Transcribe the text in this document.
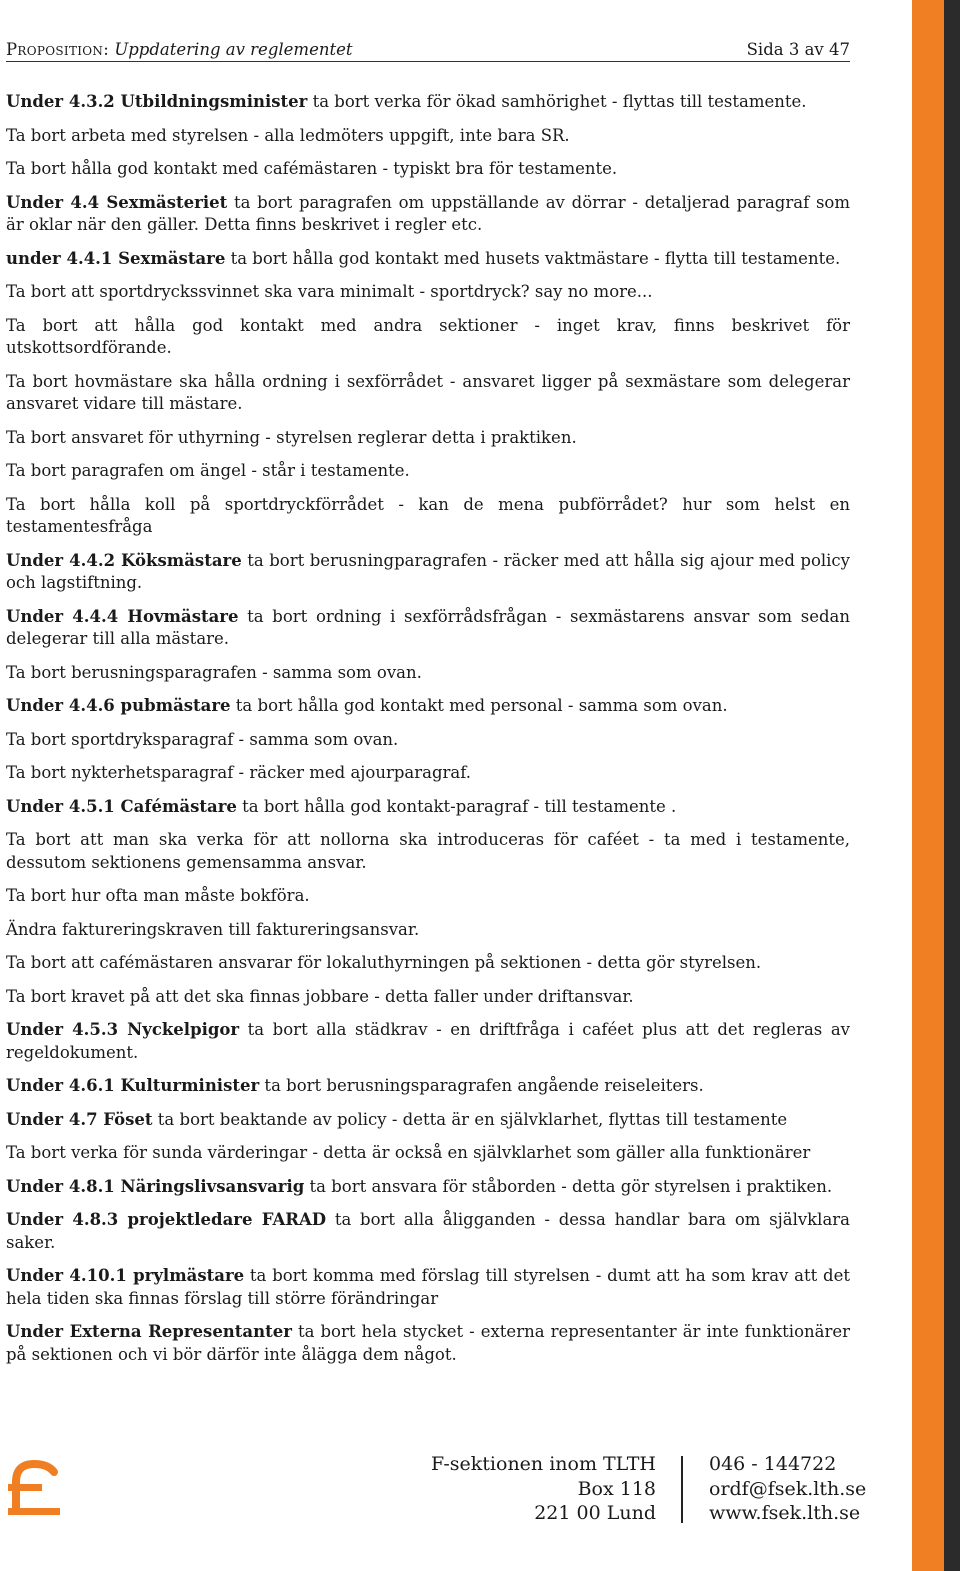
Proposition: Uppdatering av reglementet	Sida 3 av 47

Under 4.3.2 Utbildningsminister ta bort verka för ökad samhörighet - flyttas till testamente.

Ta bort arbeta med styrelsen - alla ledmöters uppgift, inte bara SR.

Ta bort hålla god kontakt med cafémästaren - typiskt bra för testamente.

Under 4.4 Sexmästeriet ta bort paragrafen om uppställande av dörrar - detaljerad paragraf som är oklar när den gäller. Detta finns beskrivet i regler etc.

under 4.4.1 Sexmästare ta bort hålla god kontakt med husets vaktmästare - flytta till testamente.

Ta bort att sportdryckssvinnet ska vara minimalt - sportdryck? say no more...

Ta bort att hålla god kontakt med andra sektioner - inget krav, finns beskrivet för utskottsordförande.

Ta bort hovmästare ska hålla ordning i sexförrådet - ansvaret ligger på sexmästare som delegerar ansvaret vidare till mästare.

Ta bort ansvaret för uthyrning - styrelsen reglerar detta i praktiken.

Ta bort paragrafen om ängel - står i testamente.

Ta bort hålla koll på sportdryckförrådet - kan de mena pubförrådet? hur som helst en testamentesfråga

Under 4.4.2 Köksmästare ta bort berusningparagrafen - räcker med att hålla sig ajour med policy och lagstiftning.

Under 4.4.4 Hovmästare ta bort ordning i sexförrådsfrågan - sexmästarens ansvar som sedan delegerar till alla mästare.

Ta bort berusningsparagrafen - samma som ovan.

Under 4.4.6 pubmästare ta bort hålla god kontakt med personal - samma som ovan.

Ta bort sportdryksparagraf - samma som ovan.

Ta bort nykterhetsparagraf - räcker med ajourparagraf.

Under 4.5.1 Cafémästare ta bort hålla god kontakt-paragraf - till testamente .

Ta bort att man ska verka för att nollorna ska introduceras för caféet - ta med i testamente, dessutom sektionens gemensamma ansvar.

Ta bort hur ofta man måste bokföra.

Ändra faktureringskraven till faktureringsansvar.

Ta bort att cafémästaren ansvarar för lokaluthyrningen på sektionen - detta gör styrelsen.

Ta bort kravet på att det ska finnas jobbare - detta faller under driftansvar.

Under 4.5.3 Nyckelpigor ta bort alla städkrav - en driftfråga i caféet plus att det regleras av regeldokument.

Under 4.6.1 Kulturminister ta bort berusningsparagrafen angående reiseleiters.

Under 4.7 Föset ta bort beaktande av policy - detta är en självklarhet, flyttas till testamente

Ta bort verka för sunda värderingar - detta är också en självklarhet som gäller alla funktionärer

Under 4.8.1 Näringslivsansvarig ta bort ansvara för ståborden - detta gör styrelsen i praktiken.

Under 4.8.3 projektledare FARAD ta bort alla åligganden - dessa handlar bara om självklara saker.

Under 4.10.1 prylmästare ta bort komma med förslag till styrelsen - dumt att ha som krav att det hela tiden ska finnas förslag till större förändringar

Under Externa Representanter ta bort hela stycket - externa representanter är inte funktionärer på sektionen och vi bör därför inte ålägga dem något.

F-sektionen inom TLTH
Box 118
221 00 Lund
046 - 144722
ordf@fsek.lth.se
www.fsek.lth.se
